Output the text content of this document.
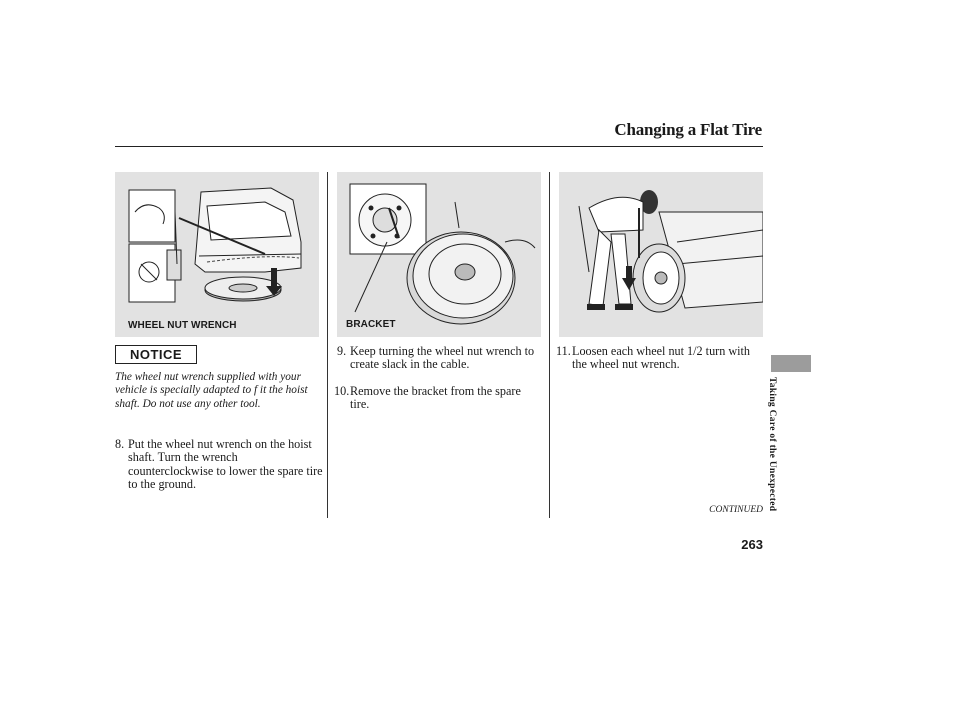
Changing a Flat Tire
WHEEL NUT WRENCH	BRACKET
NOTICE
The wheel nut wrench supplied with your vehicle is specially adapted to f it the hoist shaft. Do not use any other tool.
8. Put the wheel nut wrench on the hoist shaft. Turn the wrench counterclockwise to lower the spare tire to the ground.
9. Keep turning the wheel nut wrench to create slack in the cable.
10. Remove the bracket from the spare tire.
11. Loosen each wheel nut 1/2 turn with the wheel nut wrench.
Taking Care of the Unexpected
CONTINUED
263
